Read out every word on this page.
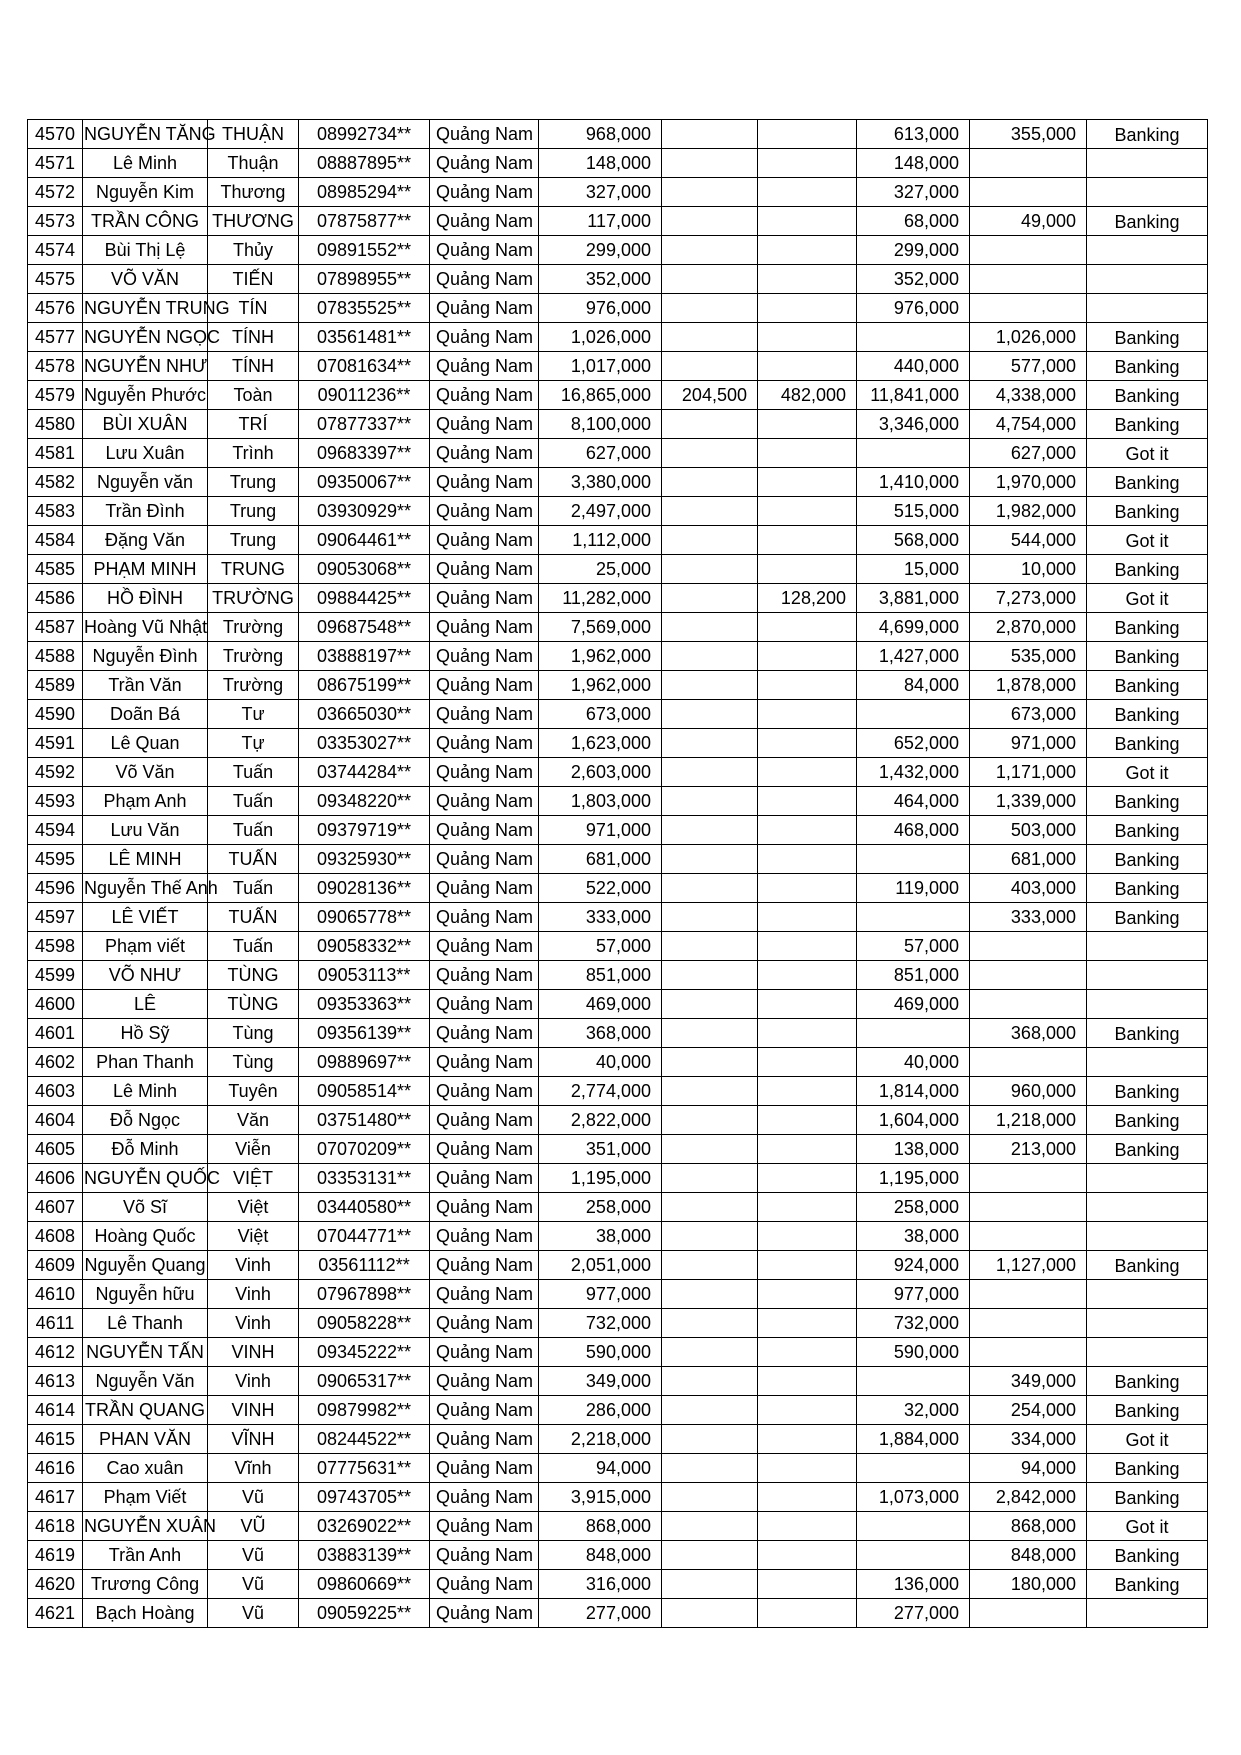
4570	NGUYỄN TĂNG	THUẬN	08992734**	Quảng Nam	968,000			613,000	355,000	Banking
4571	Lê Minh	Thuận	08887895**	Quảng Nam	148,000			148,000		
4572	Nguyễn Kim	Thương	08985294**	Quảng Nam	327,000			327,000		
4573	TRẦN CÔNG	THƯƠNG	07875877**	Quảng Nam	117,000			68,000	49,000	Banking
4574	Bùi Thị Lệ	Thủy	09891552**	Quảng Nam	299,000			299,000		
4575	VÕ VĂN	TIẾN	07898955**	Quảng Nam	352,000			352,000		
4576	NGUYỄN TRUNG	TÍN	07835525**	Quảng Nam	976,000			976,000		
4577	NGUYỄN NGỌC	TÍNH	03561481**	Quảng Nam	1,026,000				1,026,000	Banking
4578	NGUYỄN NHƯ	TÍNH	07081634**	Quảng Nam	1,017,000			440,000	577,000	Banking
4579	Nguyễn Phước	Toàn	09011236**	Quảng Nam	16,865,000	204,500	482,000	11,841,000	4,338,000	Banking
4580	BÙI XUÂN	TRÍ	07877337**	Quảng Nam	8,100,000			3,346,000	4,754,000	Banking
4581	Lưu Xuân	Trình	09683397**	Quảng Nam	627,000				627,000	Got it
4582	Nguyễn văn	Trung	09350067**	Quảng Nam	3,380,000			1,410,000	1,970,000	Banking
4583	Trần Đình	Trung	03930929**	Quảng Nam	2,497,000			515,000	1,982,000	Banking
4584	Đặng Văn	Trung	09064461**	Quảng Nam	1,112,000			568,000	544,000	Got it
4585	PHẠM MINH	TRUNG	09053068**	Quảng Nam	25,000			15,000	10,000	Banking
4586	HỒ ĐÌNH	TRƯỜNG	09884425**	Quảng Nam	11,282,000		128,200	3,881,000	7,273,000	Got it
4587	Hoàng Vũ Nhật	Trường	09687548**	Quảng Nam	7,569,000			4,699,000	2,870,000	Banking
4588	Nguyễn Đình	Trường	03888197**	Quảng Nam	1,962,000			1,427,000	535,000	Banking
4589	Trần Văn	Trường	08675199**	Quảng Nam	1,962,000			84,000	1,878,000	Banking
4590	Doãn Bá	Tư	03665030**	Quảng Nam	673,000				673,000	Banking
4591	Lê Quan	Tự	03353027**	Quảng Nam	1,623,000			652,000	971,000	Banking
4592	Võ Văn	Tuấn	03744284**	Quảng Nam	2,603,000			1,432,000	1,171,000	Got it
4593	Phạm Anh	Tuấn	09348220**	Quảng Nam	1,803,000			464,000	1,339,000	Banking
4594	Lưu Văn	Tuấn	09379719**	Quảng Nam	971,000			468,000	503,000	Banking
4595	LÊ MINH	TUẤN	09325930**	Quảng Nam	681,000				681,000	Banking
4596	Nguyễn Thế Anh	Tuấn	09028136**	Quảng Nam	522,000			119,000	403,000	Banking
4597	LÊ VIẾT	TUẤN	09065778**	Quảng Nam	333,000				333,000	Banking
4598	Phạm viết	Tuấn	09058332**	Quảng Nam	57,000			57,000		
4599	VÕ NHƯ	TÙNG	09053113**	Quảng Nam	851,000			851,000		
4600	LÊ	TÙNG	09353363**	Quảng Nam	469,000			469,000		
4601	Hồ Sỹ	Tùng	09356139**	Quảng Nam	368,000				368,000	Banking
4602	Phan Thanh	Tùng	09889697**	Quảng Nam	40,000			40,000		
4603	Lê Minh	Tuyên	09058514**	Quảng Nam	2,774,000			1,814,000	960,000	Banking
4604	Đỗ Ngọc	Văn	03751480**	Quảng Nam	2,822,000			1,604,000	1,218,000	Banking
4605	Đỗ Minh	Viễn	07070209**	Quảng Nam	351,000			138,000	213,000	Banking
4606	NGUYỄN QUỐC	VIỆT	03353131**	Quảng Nam	1,195,000			1,195,000		
4607	Võ Sĩ	Việt	03440580**	Quảng Nam	258,000			258,000		
4608	Hoàng Quốc	Việt	07044771**	Quảng Nam	38,000			38,000		
4609	Nguyễn Quang	Vinh	03561112**	Quảng Nam	2,051,000			924,000	1,127,000	Banking
4610	Nguyễn hữu	Vinh	07967898**	Quảng Nam	977,000			977,000		
4611	Lê Thanh	Vinh	09058228**	Quảng Nam	732,000			732,000		
4612	NGUYỄN TẤN	VINH	09345222**	Quảng Nam	590,000			590,000		
4613	Nguyễn Văn	Vinh	09065317**	Quảng Nam	349,000				349,000	Banking
4614	TRẦN QUANG	VINH	09879982**	Quảng Nam	286,000			32,000	254,000	Banking
4615	PHAN VĂN	VĨNH	08244522**	Quảng Nam	2,218,000			1,884,000	334,000	Got it
4616	Cao xuân	Vĩnh	07775631**	Quảng Nam	94,000				94,000	Banking
4617	Phạm Viết	Vũ	09743705**	Quảng Nam	3,915,000			1,073,000	2,842,000	Banking
4618	NGUYỄN XUÂN	VŨ	03269022**	Quảng Nam	868,000				868,000	Got it
4619	Trần Anh	Vũ	03883139**	Quảng Nam	848,000				848,000	Banking
4620	Trương Công	Vũ	09860669**	Quảng Nam	316,000			136,000	180,000	Banking
4621	Bạch Hoàng	Vũ	09059225**	Quảng Nam	277,000			277,000		
